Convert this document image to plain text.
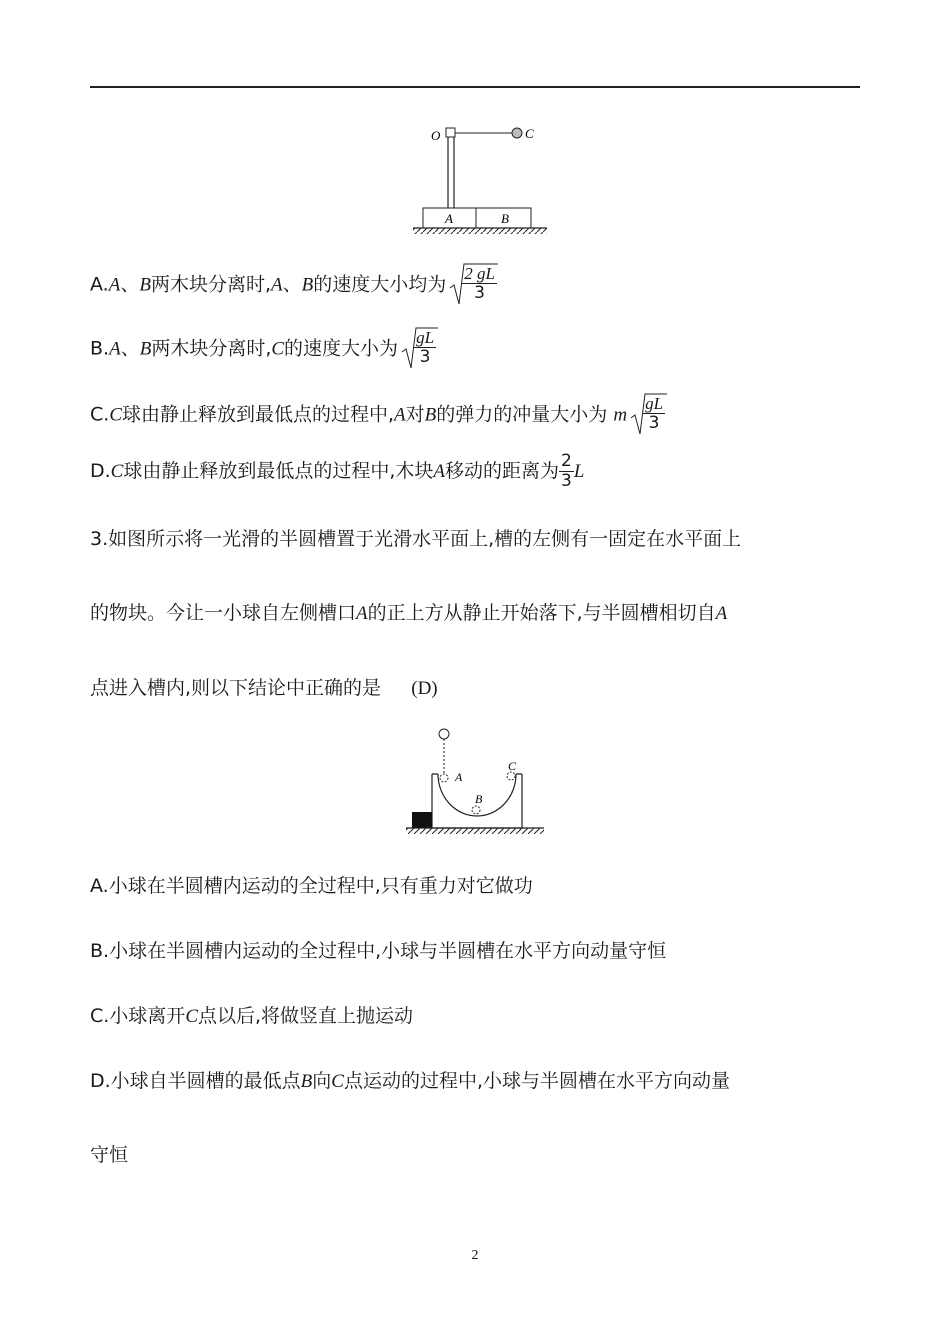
O	C
A	B
A.A、B两木块分离时,A、B的速度大小均为 $\frac{2 gL}{3}$
B.A、B两木块分离时,C的速度大小为 $\frac{gL}{3}$
C.C球由静止释放到最低点的过程中,A对B的弹力的冲量大小为 m $\frac{gL}{3}$
D.C球由静止释放到最低点的过程中,木块A移动的距离为 $\frac{2}{3}$ L
3.如图所示将一光滑的半圆槽置于光滑水平面上,槽的左侧有一固定在水平面上
的物块。今让一小球自左侧槽口A的正上方从静止开始落下,与半圆槽相切自A
点进入槽内,则以下结论中正确的是 (D)
A
B
C
A.小球在半圆槽内运动的全过程中,只有重力对它做功
B.小球在半圆槽内运动的全过程中,小球与半圆槽在水平方向动量守恒
C.小球离开C点以后,将做竖直上抛运动
D.小球自半圆槽的最低点B向C点运动的过程中,小球与半圆槽在水平方向动量
守恒
2
